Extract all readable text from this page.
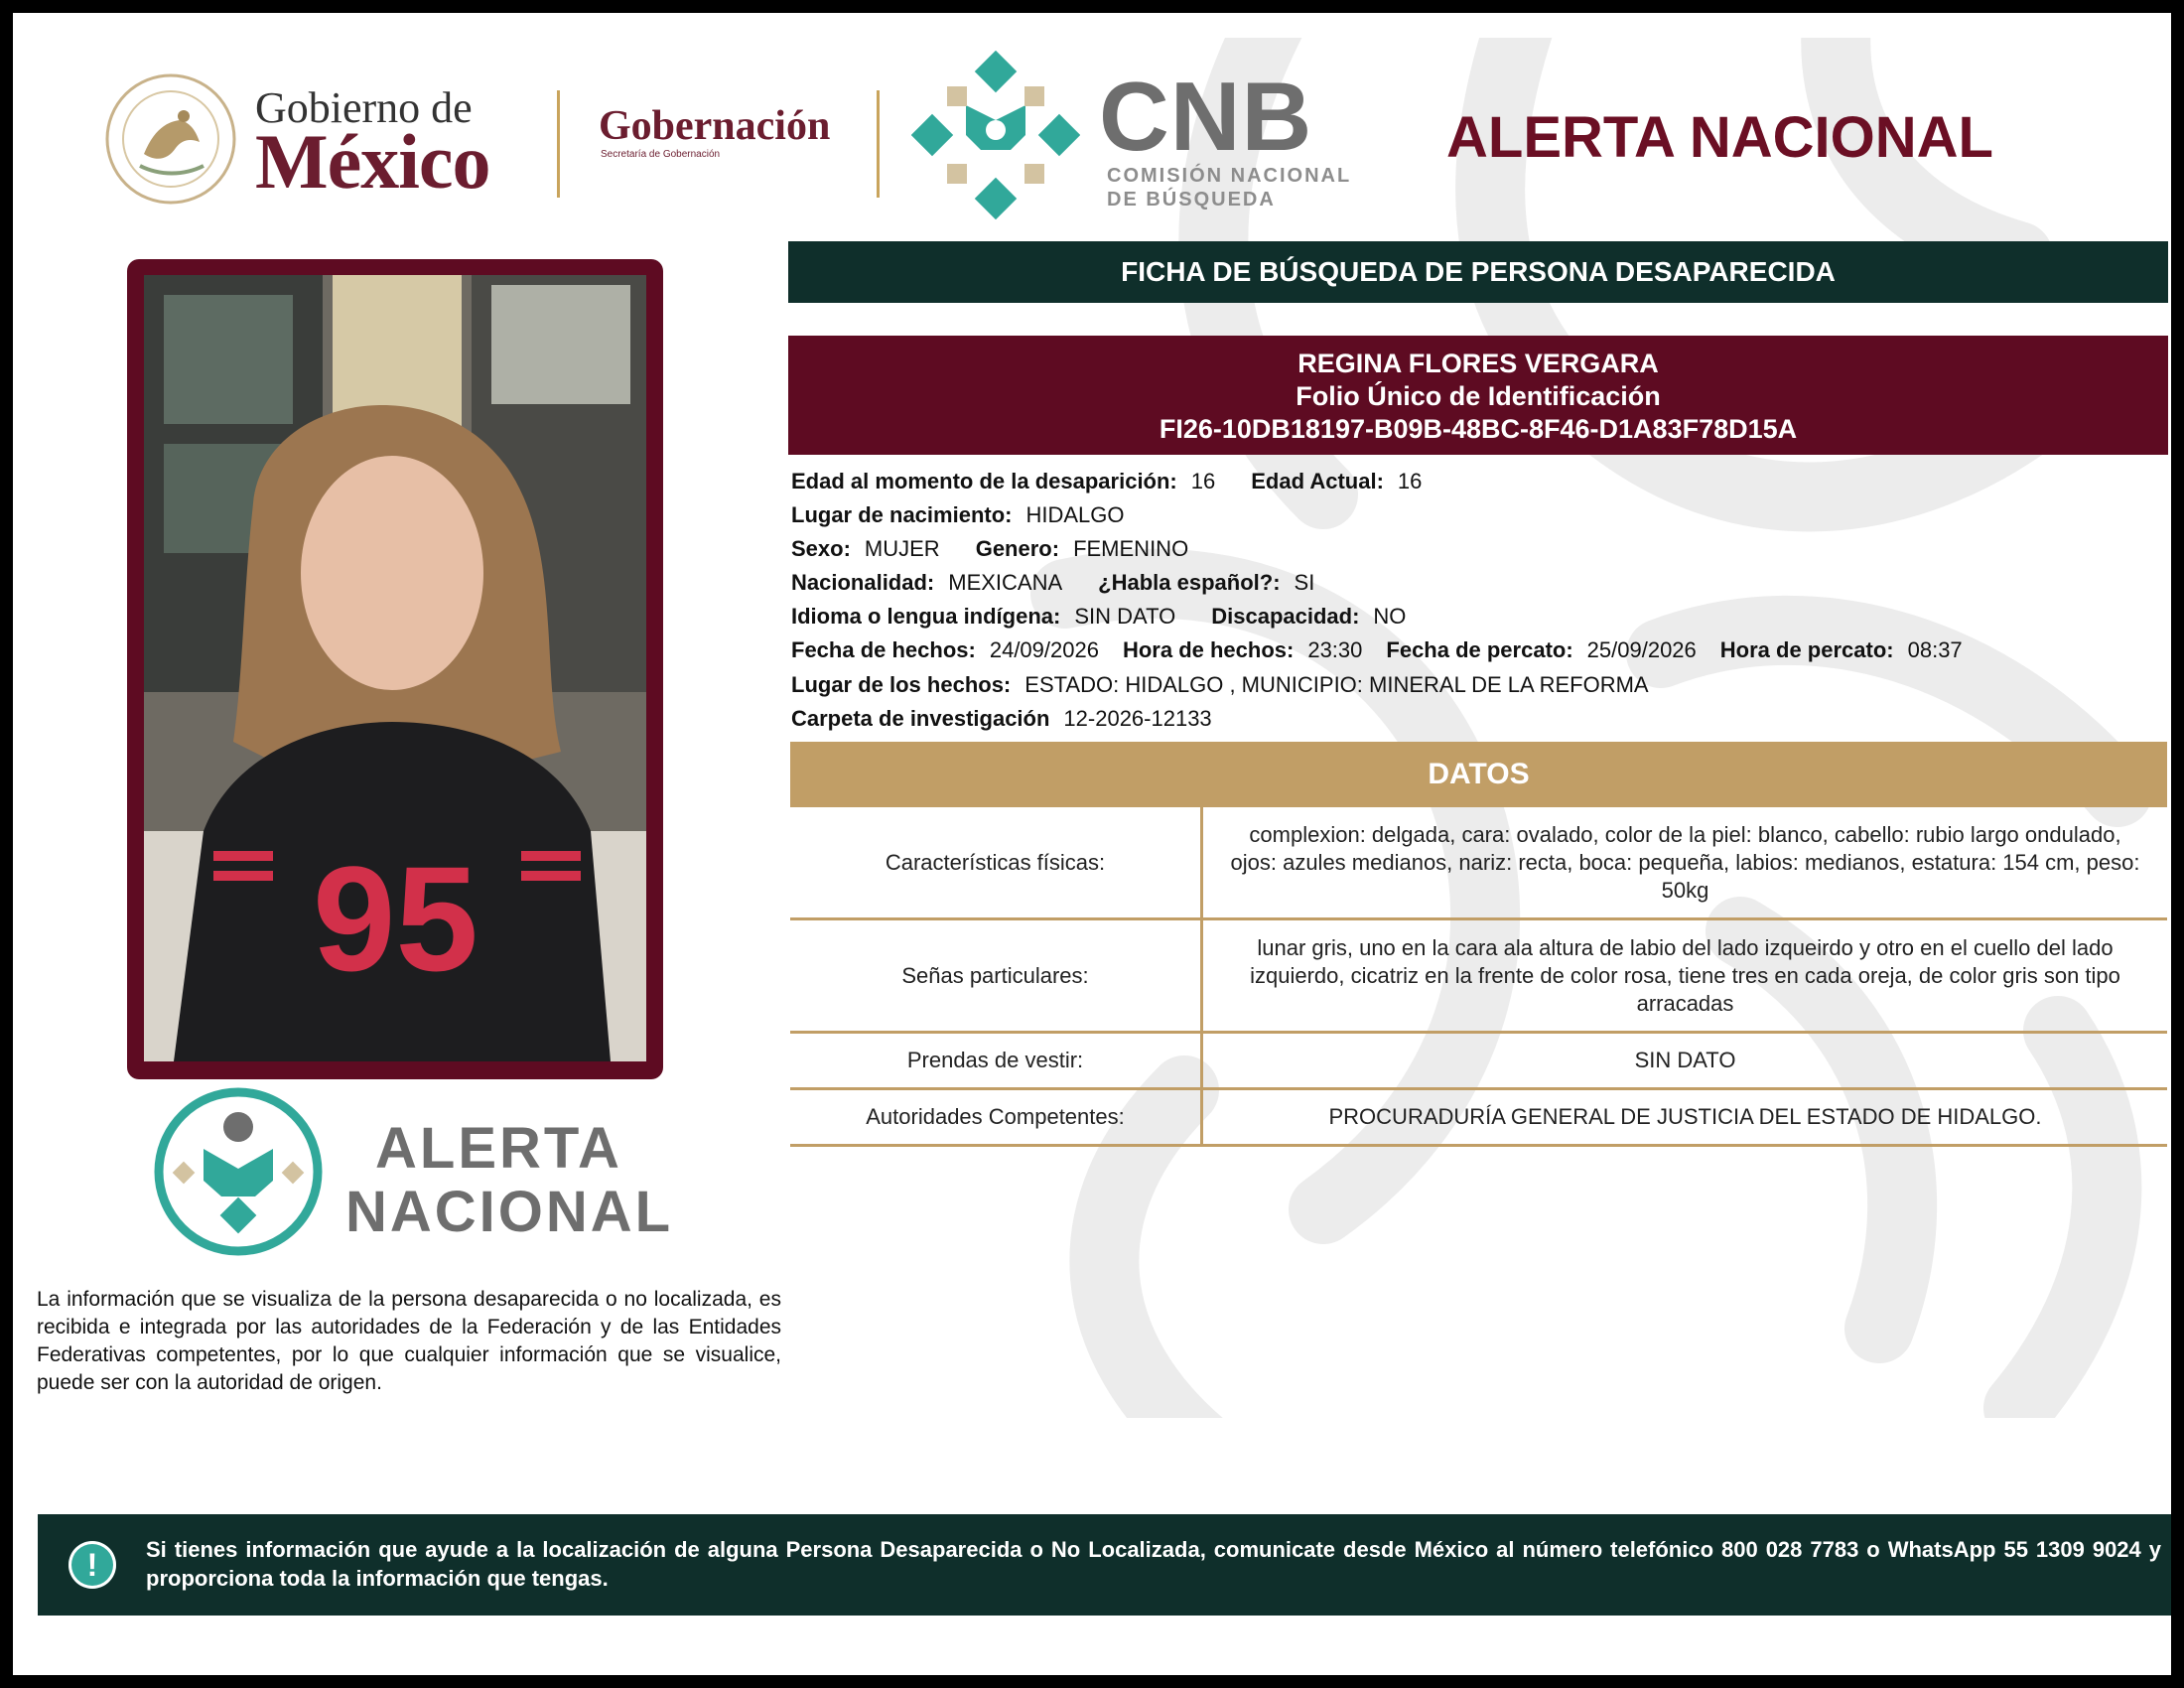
Gobierno de
México	Gobernación
Secretaría de Gobernación	CNB
COMISIÓN NACIONAL
DE BÚSQUEDA
ALERTA NACIONAL
95
ALERTA
NACIONAL
La información que se visualiza de la persona desaparecida o no localizada, es recibida e integrada por las autoridades de la Federación y de las Entidades Federativas competentes, por lo que cualquier información que se visualice, puede ser con la autoridad de origen.
FICHA DE BÚSQUEDA DE PERSONA DESAPARECIDA
REGINA FLORES VERGARA
Folio Único de Identificación
FI26-10DB18197-B09B-48BC-8F46-D1A83F78D15A
Edad al momento de la desaparición: 16 Edad Actual: 16
Lugar de nacimiento: HIDALGO
Sexo: MUJER Genero: FEMENINO
Nacionalidad: MEXICANA ¿Habla español?: SI
Idioma o lengua indígena: SIN DATO Discapacidad: NO
Fecha de hechos: 24/09/2026 Hora de hechos: 23:30 Fecha de percato: 25/09/2026 Hora de percato: 08:37
Lugar de los hechos: ESTADO: HIDALGO , MUNICIPIO: MINERAL DE LA REFORMA
Carpeta de investigación 12-2026-12133
DATOS
Características físicas:
complexion: delgada, cara: ovalado, color de la piel: blanco, cabello: rubio largo ondulado, ojos: azules medianos, nariz: recta, boca: pequeña, labios: medianos, estatura: 154 cm, peso: 50kg
Señas particulares:
lunar gris, uno en la cara ala altura de labio del lado izqueirdo y otro en el cuello del lado izquierdo, cicatriz en la frente de color rosa, tiene tres en cada oreja, de color gris son tipo arracadas
Prendas de vestir:	SIN DATO
Autoridades Competentes:	PROCURADURÍA GENERAL DE JUSTICIA DEL ESTADO DE HIDALGO.
!	Si tienes información que ayude a la localización de alguna Persona Desaparecida o No Localizada, comunicate desde México al número telefónico 800 028 7783 o WhatsApp 55 1309 9024 y proporciona toda la información que tengas.
